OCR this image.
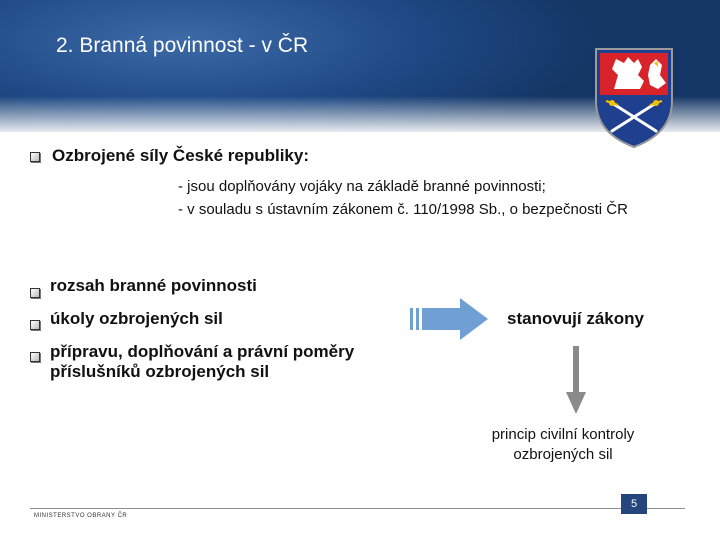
2. Branná povinnost - v ČR
Ozbrojené síly České republiky:
- jsou doplňovány vojáky na základě branné povinnosti;
- v souladu s ústavním zákonem č. 110/1998 Sb., o bezpečnosti ČR
rozsah branné povinnosti
úkoly ozbrojených sil
přípravu, doplňování a právní poměry
příslušníků ozbrojených sil
stanovují zákony
princip civilní kontroly
ozbrojených sil
5
MINISTERSTVO OBRANY ČR
